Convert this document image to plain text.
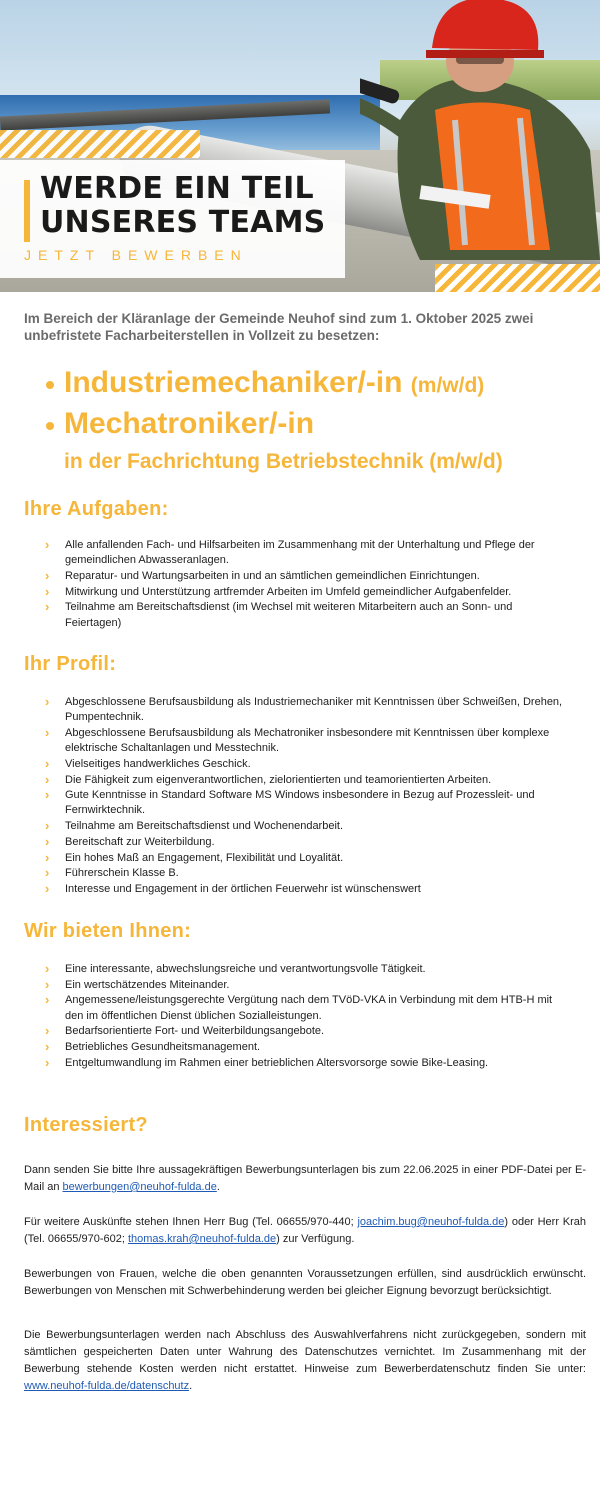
WERDE EIN TEIL
UNSERES TEAMS
JETZT BEWERBEN

Im Bereich der Kläranlage der Gemeinde Neuhof sind zum 1. Oktober 2025 zwei unbefristete Facharbeiterstellen in Vollzeit zu besetzen:

Industriemechaniker/-in (m/w/d)
Mechatroniker/-in

in der Fachrichtung Betriebstechnik (m/w/d)

Ihre Aufgaben:
› Alle anfallenden Fach- und Hilfsarbeiten im Zusammenhang mit der Unterhaltung und Pflege der gemeindlichen Abwasseranlagen.
› Reparatur- und Wartungsarbeiten in und an sämtlichen gemeindlichen Einrichtungen.
› Mitwirkung und Unterstützung artfremder Arbeiten im Umfeld gemeindlicher Aufgabenfelder.
› Teilnahme am Bereitschaftsdienst (im Wechsel mit weiteren Mitarbeitern auch an Sonn- und Feiertagen)
Ihr Profil:
› Abgeschlossene Berufsausbildung als Industriemechaniker mit Kenntnissen über Schweißen, Drehen, Pumpentechnik.
› Abgeschlossene Berufsausbildung als Mechatroniker insbesondere mit Kenntnissen über komplexe elektrische Schaltanlagen und Messtechnik.
› Vielseitiges handwerkliches Geschick.
› Die Fähigkeit zum eigenverantwortlichen, zielorientierten und teamorientierten Arbeiten.
› Gute Kenntnisse in Standard Software MS Windows insbesondere in Bezug auf Prozessleit- und Fernwirktechnik.
› Teilnahme am Bereitschaftsdienst und Wochenendarbeit.
› Bereitschaft zur Weiterbildung.
› Ein hohes Maß an Engagement, Flexibilität und Loyalität.
› Führerschein Klasse B.
› Interesse und Engagement in der örtlichen Feuerwehr ist wünschenswert
Wir bieten Ihnen:
› Eine interessante, abwechslungsreiche und verantwortungsvolle Tätigkeit.
› Ein wertschätzendes Miteinander.
› Angemessene/leistungsgerechte Vergütung nach dem TVöD-VKA in Verbindung mit dem HTB-H mit den im öffentlichen Dienst üblichen Sozialleistungen.
› Bedarfsorientierte Fort- und Weiterbildungsangebote.
› Betriebliches Gesundheitsmanagement.
› Entgeltumwandlung im Rahmen einer betrieblichen Altersvorsorge sowie Bike-Leasing.
Interessiert?

Dann senden Sie bitte Ihre aussagekräftigen Bewerbungsunterlagen bis zum 22.06.2025 in einer PDF-Datei per E-Mail an bewerbungen@neuhof-fulda.de.

Für weitere Auskünfte stehen Ihnen Herr Bug (Tel. 06655/970-440; joachim.bug@neuhof-fulda.de) oder Herr Krah (Tel. 06655/970-602; thomas.krah@neuhof-fulda.de) zur Verfügung.

Bewerbungen von Frauen, welche die oben genannten Voraussetzungen erfüllen, sind ausdrücklich erwünscht. Bewerbungen von Menschen mit Schwerbehinderung werden bei gleicher Eignung bevorzugt berücksichtigt.

Die Bewerbungsunterlagen werden nach Abschluss des Auswahlverfahrens nicht zurückgegeben, sondern mit sämtlichen gespeicherten Daten unter Wahrung des Datenschutzes vernichtet. Im Zusammenhang mit der Bewerbung stehende Kosten werden nicht erstattet. Hinweise zum Bewerberdatenschutz finden Sie unter: www.neuhof-fulda.de/datenschutz.
